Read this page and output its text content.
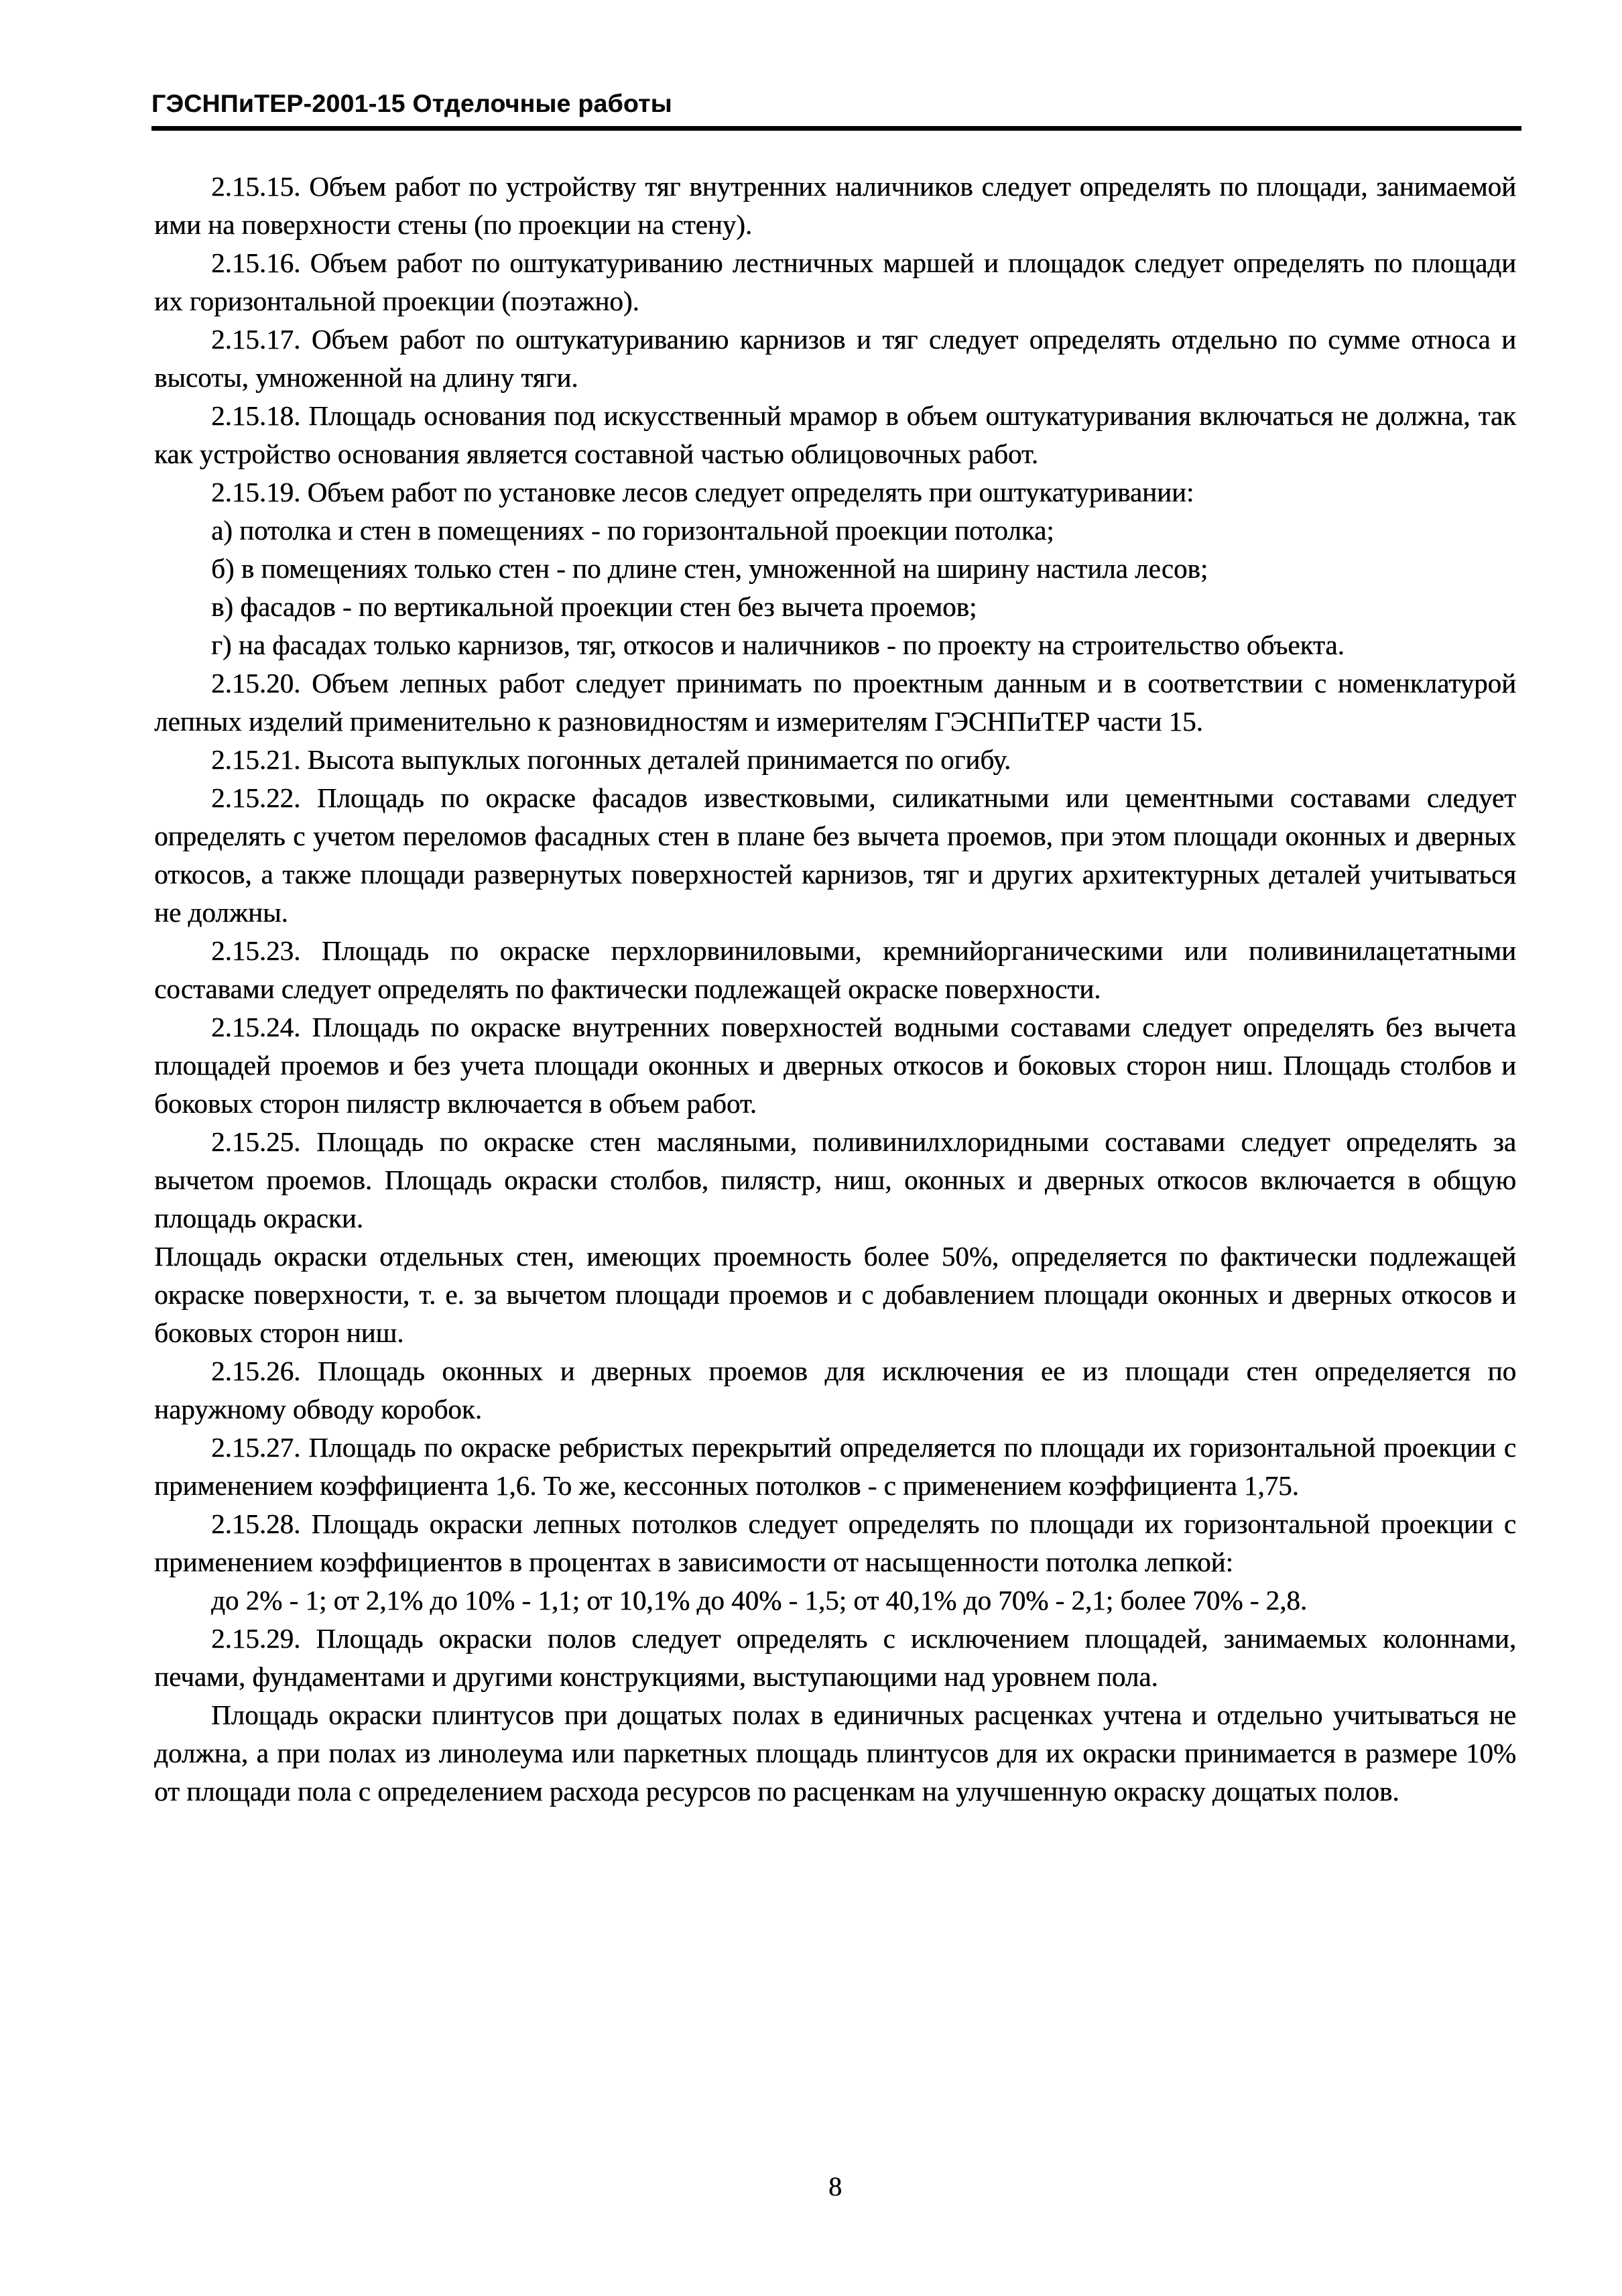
ГЭСНПиТЕР-2001-15 Отделочные работы

2.15.15. Объем работ по устройству тяг внутренних наличников следует определять по площади, занимаемой ими на поверхности стены (по проекции на стену).

2.15.16. Объем работ по оштукатуриванию лестничных маршей и площадок следует определять по площади их горизонтальной проекции (поэтажно).

2.15.17. Объем работ по оштукатуриванию карнизов и тяг следует определять отдельно по сумме относа и высоты, умноженной на длину тяги.

2.15.18. Площадь основания под искусственный мрамор в объем оштукатуривания включаться не должна, так как устройство основания является составной частью облицовочных работ.

2.15.19. Объем работ по установке лесов следует определять при оштукатуривании:

а) потолка и стен в помещениях - по горизонтальной проекции потолка;

б) в помещениях только стен - по длине стен, умноженной на ширину настила лесов;

в) фасадов - по вертикальной проекции стен без вычета проемов;

г) на фасадах только карнизов, тяг, откосов и наличников - по проекту на строительство объекта.

2.15.20. Объем лепных работ следует принимать по проектным данным и в соответствии с номенклатурой лепных изделий применительно к разновидностям и измерителям ГЭСНПиТЕР части 15.

2.15.21. Высота выпуклых погонных деталей принимается по огибу.

2.15.22. Площадь по окраске фасадов известковыми, силикатными или цементными составами следует определять с учетом переломов фасадных стен в плане без вычета проемов, при этом площади оконных и дверных откосов, а также площади развернутых поверхностей карнизов, тяг и других архитектурных деталей учитываться не должны.

2.15.23. Площадь по окраске перхлорвиниловыми, кремнийорганическими или поливинилацетатными составами следует определять по фактически подлежащей окраске поверхности.

2.15.24. Площадь по окраске внутренних поверхностей водными составами следует определять без вычета площадей проемов и без учета площади оконных и дверных откосов и боковых сторон ниш. Площадь столбов и боковых сторон пилястр включается в объем работ.

2.15.25. Площадь по окраске стен масляными, поливинилхлоридными составами следует определять за вычетом проемов. Площадь окраски столбов, пилястр, ниш, оконных и дверных откосов включается в общую площадь окраски.

Площадь окраски отдельных стен, имеющих проемность более 50%, определяется по фактически подлежащей окраске поверхности, т. е. за вычетом площади проемов и с добавлением площади оконных и дверных откосов и боковых сторон ниш.

2.15.26. Площадь оконных и дверных проемов для исключения ее из площади стен определяется по наружному обводу коробок.

2.15.27. Площадь по окраске ребристых перекрытий определяется по площади их горизонтальной проекции с применением коэффициента 1,6. То же, кессонных потолков - с применением коэффициента 1,75.

2.15.28. Площадь окраски лепных потолков следует определять по площади их горизонтальной проекции с применением коэффициентов в процентах в зависимости от насыщенности потолка лепкой:

до 2% - 1; от 2,1% до 10% - 1,1; от 10,1% до 40% - 1,5; от 40,1% до 70% - 2,1; более 70% - 2,8.

2.15.29. Площадь окраски полов следует определять с исключением площадей, занимаемых колоннами, печами, фундаментами и другими конструкциями, выступающими над уровнем пола.

Площадь окраски плинтусов при дощатых полах в единичных расценках учтена и отдельно учитываться не должна, а при полах из линолеума или паркетных площадь плинтусов для их окраски принимается в размере 10% от площади пола с определением расхода ресурсов по расценкам на улучшенную окраску дощатых полов.

8
